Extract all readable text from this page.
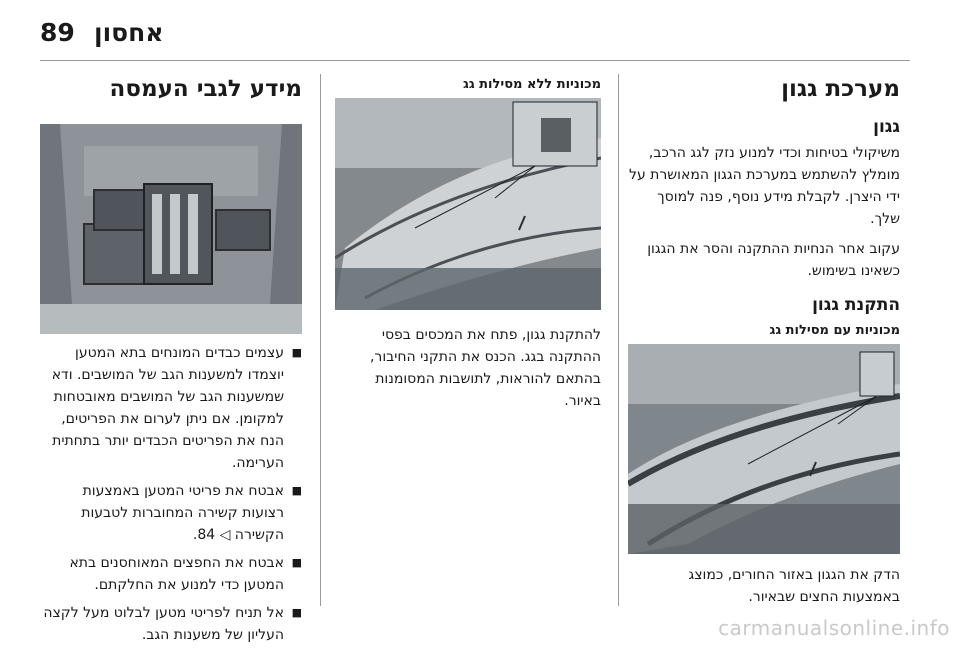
89 אחסון
מערכת גגון
גגון

משיקולי בטיחות וכדי למנוע נזק לגג הרכב, מומלץ להשתמש במערכת הגגון המאושרת על ידי היצרן. לקבלת מידע נוסף, פנה למוסך שלך.

עקוב אחר הנחיות ההתקנה והסר את הגגון כשאינו בשימוש.

התקנת גגון
מכוניות עם מסילות גג

הדק את הגגון באזור החורים, כמוצג באמצעות החצים שבאיור.

מכוניות ללא מסילות גג

להתקנת גגון, פתח את המכסים בפסי ההתקנה בגג. הכנס את התקני החיבור, בהתאם להוראות, לתושבות המסומנות באיור.

מידע לגבי העמסה
■
עצמים כבדים המונחים בתא המטען יוצמדו למשענות הגב של המושבים. ודא שמשענות הגב של המושבים מאובטחות למקומן. אם ניתן לערום את הפריטים, הנח את הפריטים הכבדים יותר בתחתית הערימה.
■
אבטח את פריטי המטען באמצעות רצועות קשירה המחוברות לטבעות הקשירה ◁ 84.
■
אבטח את החפצים המאוחסנים בתא המטען כדי למנוע את החלקתם.
■
אל תניח לפריטי מטען לבלוט מעל לקצה העליון של משענות הגב.	carmanualsonline.info
